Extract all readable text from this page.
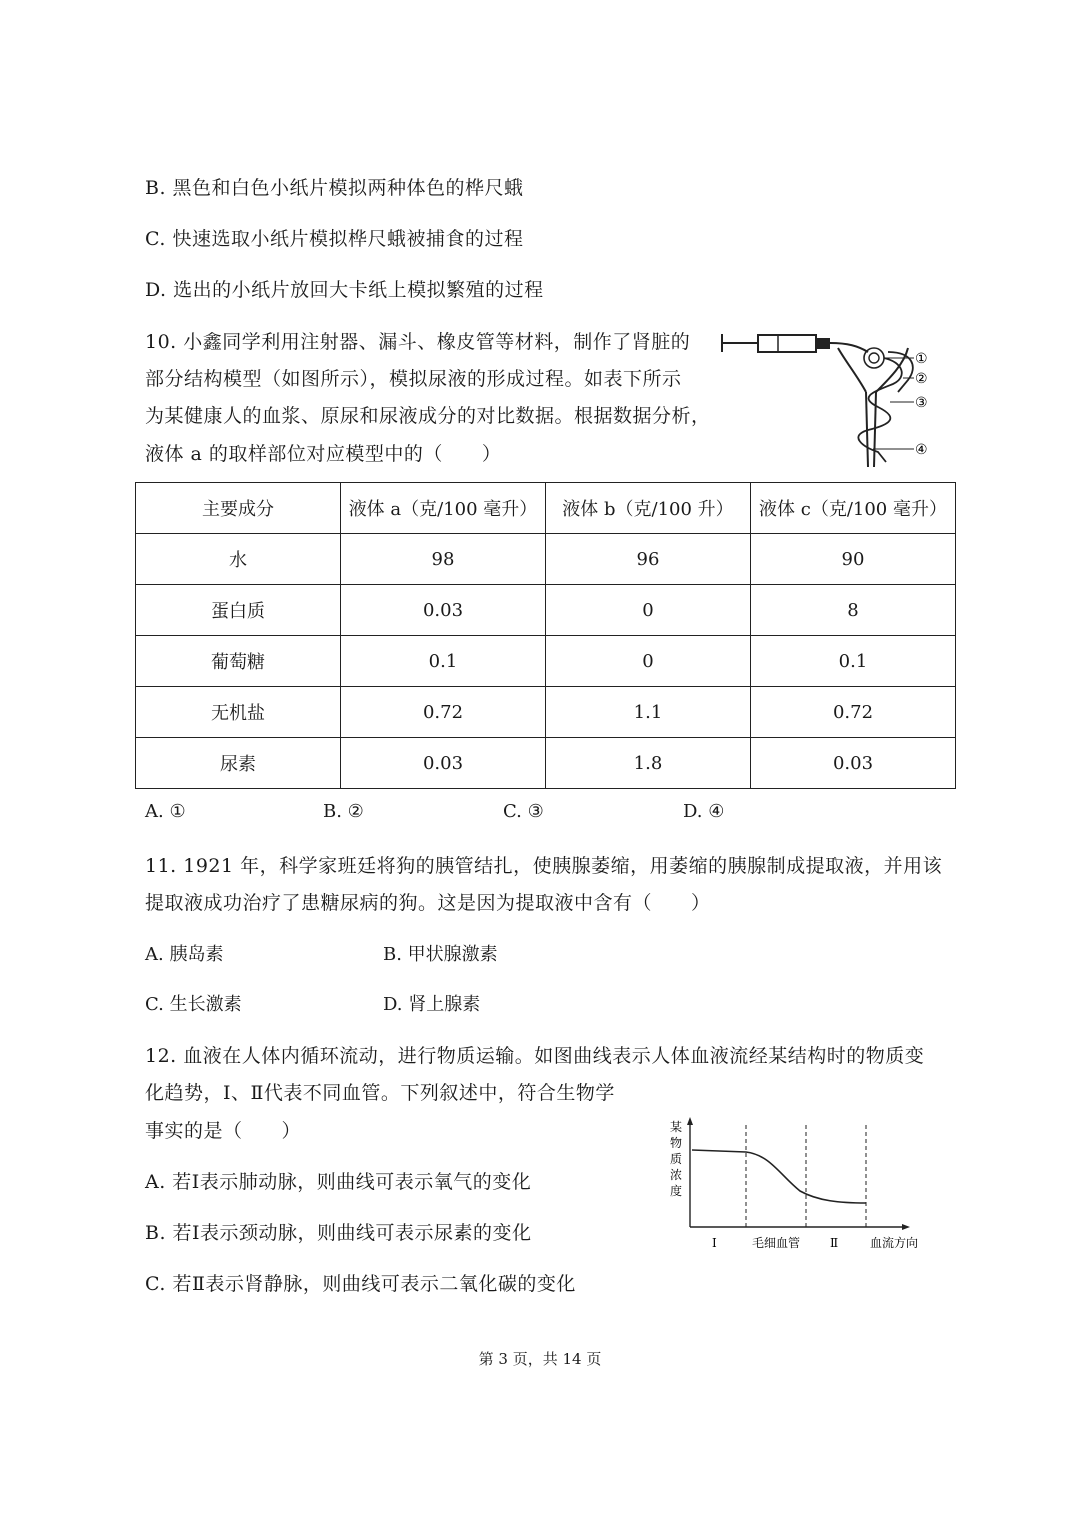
B. 黑色和白色小纸片模拟两种体色的桦尺蛾
C. 快速选取小纸片模拟桦尺蛾被捕食的过程
D. 选出的小纸片放回大卡纸上模拟繁殖的过程
10. 小鑫同学利用注射器、漏斗、橡皮管等材料，制作了肾脏的
部分结构模型（如图所示），模拟尿液的形成过程。如表下所示
为某健康人的血浆、原尿和尿液成分的对比数据。根据数据分析，
液体 a 的取样部位对应模型中的（　　）
①
②
③
④
主要成分	液体 a（克/100 毫升）	液体 b（克/100 升）	液体 c（克/100 毫升）
水	98	96	90
蛋白质	0.03	0	8
葡萄糖	0.1	0	0.1
无机盐	0.72	1.1	0.72
尿素	0.03	1.8	0.03
A. ①	B. ②	C. ③	D. ④
11. 1921 年，科学家班廷将狗的胰管结扎，使胰腺萎缩，用萎缩的胰腺制成提取液，并用该
提取液成功治疗了患糖尿病的狗。这是因为提取液中含有（　　）
A. 胰岛素	B. 甲状腺激素
C. 生长激素	D. 肾上腺素
12. 血液在人体内循环流动，进行物质运输。如图曲线表示人体血液流经某结构时的物质变
化趋势，Ⅰ、Ⅱ代表不同血管。下列叙述中，符合生物学
事实的是（　　）
A. 若Ⅰ表示肺动脉，则曲线可表示氧气的变化
B. 若Ⅰ表示颈动脉，则曲线可表示尿素的变化
C. 若Ⅱ表示肾静脉，则曲线可表示二氧化碳的变化
某
物
质
浓
度
Ⅰ	毛细血管 Ⅱ	血流方向
第 3 页，共 14 页
